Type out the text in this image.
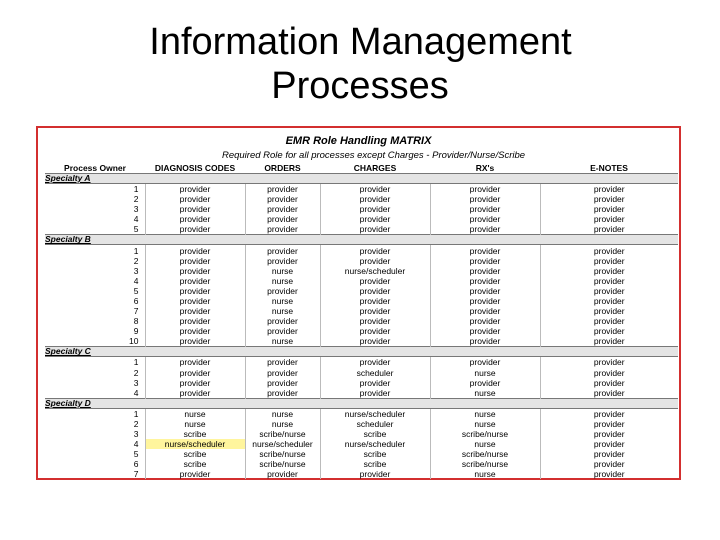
Information Management
Processes
EMR Role Handling MATRIX
Required Role for all processes except Charges - Provider/Nurse/Scribe
Process Owner	DIAGNOSIS CODES	ORDERS	CHARGES	RX's	E-NOTES
Specialty A					
1	provider	provider	provider	provider	provider
2	provider	provider	provider	provider	provider
3	provider	provider	provider	provider	provider
4	provider	provider	provider	provider	provider
5	provider	provider	provider	provider	provider
Specialty B					
1	provider	provider	provider	provider	provider
2	provider	provider	provider	provider	provider
3	provider	nurse	nurse/scheduler	provider	provider
4	provider	nurse	provider	provider	provider
5	provider	provider	provider	provider	provider
6	provider	nurse	provider	provider	provider
7	provider	nurse	provider	provider	provider
8	provider	provider	provider	provider	provider
9	provider	provider	provider	provider	provider
10	provider	nurse	provider	provider	provider
Specialty C					
1	provider	provider	provider	provider	provider
2	provider	provider	scheduler	nurse	provider
3	provider	provider	provider	provider	provider
4	provider	provider	provider	nurse	provider
Specialty D					
1	nurse	nurse	nurse/scheduler	nurse	provider
2	nurse	nurse	scheduler	nurse	provider
3	scribe	scribe/nurse	scribe	scribe/nurse	provider
4	nurse/scheduler	nurse/scheduler	nurse/scheduler	nurse	provider
5	scribe	scribe/nurse	scribe	scribe/nurse	provider
6	scribe	scribe/nurse	scribe	scribe/nurse	provider
7	provider	provider	provider	nurse	provider
